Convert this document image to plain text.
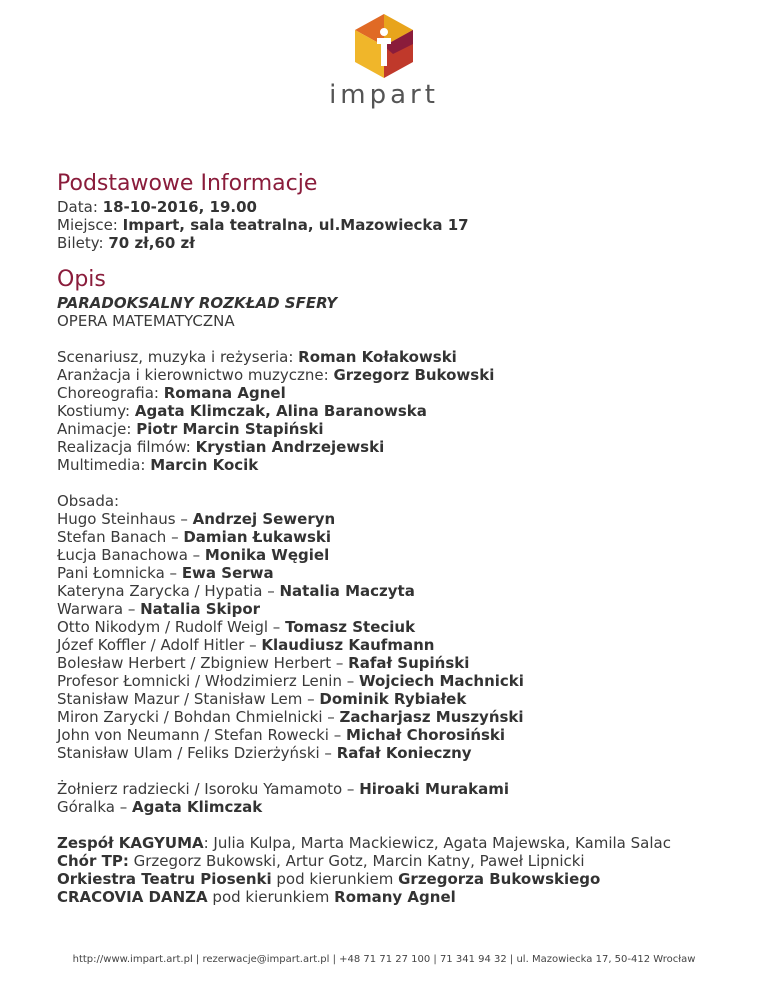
impart
Podstawowe Informacje
Data: 18-10-2016, 19.00
Miejsce: Impart, sala teatralna, ul.Mazowiecka 17
Bilety: 70 zł,60 zł
Opis
PARADOKSALNY ROZKŁAD SFERY
OPERA MATEMATYCZNA
Scenariusz, muzyka i reżyseria: Roman Kołakowski
Aranżacja i kierownictwo muzyczne: Grzegorz Bukowski
Choreografia: Romana Agnel
Kostiumy: Agata Klimczak, Alina Baranowska
Animacje: Piotr Marcin Stapiński
Realizacja filmów: Krystian Andrzejewski
Multimedia: Marcin Kocik
Obsada:
Hugo Steinhaus – Andrzej Seweryn
Stefan Banach – Damian Łukawski
Łucja Banachowa – Monika Węgiel
Pani Łomnicka – Ewa Serwa
Kateryna Zarycka / Hypatia – Natalia Maczyta
Warwara – Natalia Skipor
Otto Nikodym / Rudolf Weigl – Tomasz Steciuk
Józef Koffler / Adolf Hitler – Klaudiusz Kaufmann
Bolesław Herbert / Zbigniew Herbert – Rafał Supiński
Profesor Łomnicki / Włodzimierz Lenin – Wojciech Machnicki
Stanisław Mazur / Stanisław Lem – Dominik Rybiałek
Miron Zarycki / Bohdan Chmielnicki – Zacharjasz Muszyński
John von Neumann / Stefan Rowecki – Michał Chorosiński
Stanisław Ulam / Feliks Dzierżyński – Rafał Konieczny
Żołnierz radziecki / Isoroku Yamamoto – Hiroaki Murakami
Góralka – Agata Klimczak
Zespół KAGYUMA: Julia Kulpa, Marta Mackiewicz, Agata Majewska, Kamila Salac
Chór TP: Grzegorz Bukowski, Artur Gotz, Marcin Katny, Paweł Lipnicki
Orkiestra Teatru Piosenki pod kierunkiem Grzegorza Bukowskiego
CRACOVIA DANZA pod kierunkiem Romany Agnel
http://www.impart.art.pl | rezerwacje@impart.art.pl | +48 71 71 27 100 | 71 341 94 32 | ul. Mazowiecka 17, 50-412 Wrocław
